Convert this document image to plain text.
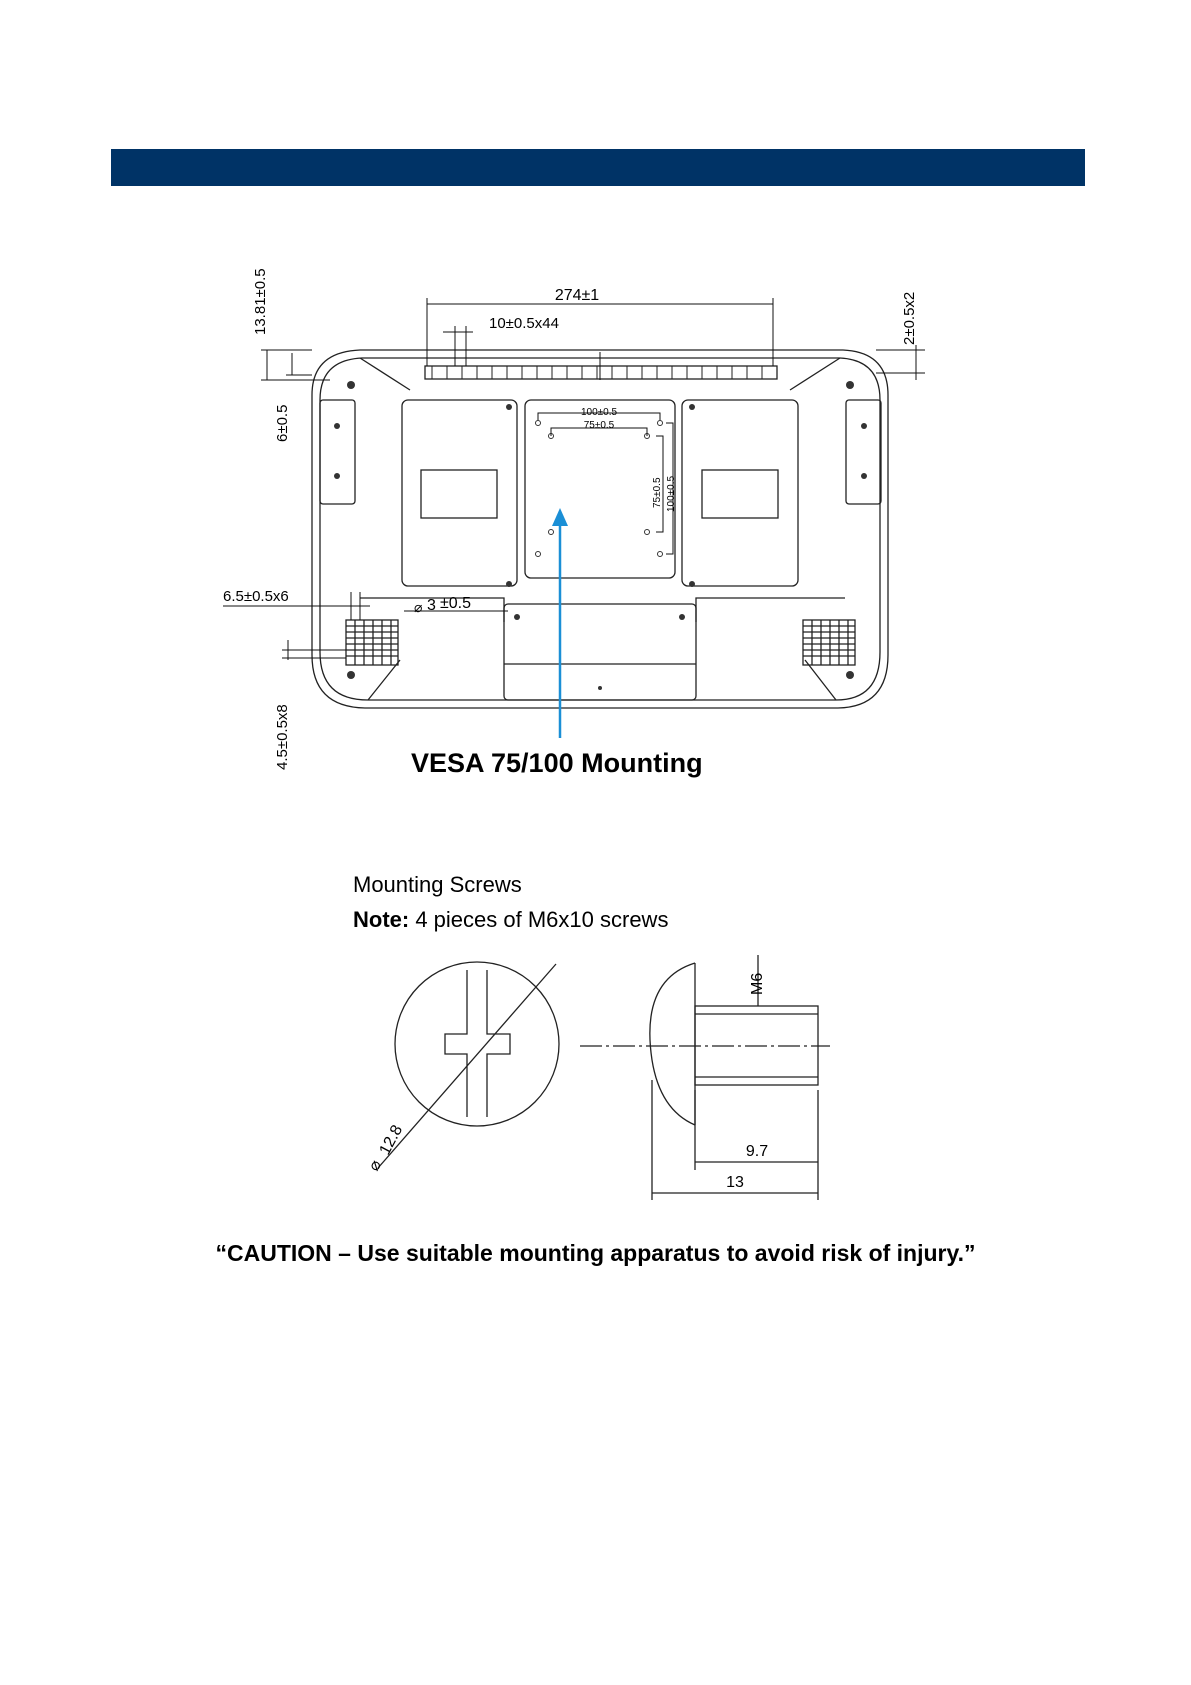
274±1
10±0.5x44
13.81±0.5	2±0.5x2
6±0.5
6.5±0.5x6
⌀ 3 ±0.5
4.5±0.5x8
100±0.5
75±0.5
75±0.5 100±0.5
VESA 75/100 Mounting
Mounting Screws
Note: 4 pieces of M6x10 screws
⌀
12.8
M6
9.7
13
“CAUTION – Use suitable mounting apparatus to avoid risk of injury.”
